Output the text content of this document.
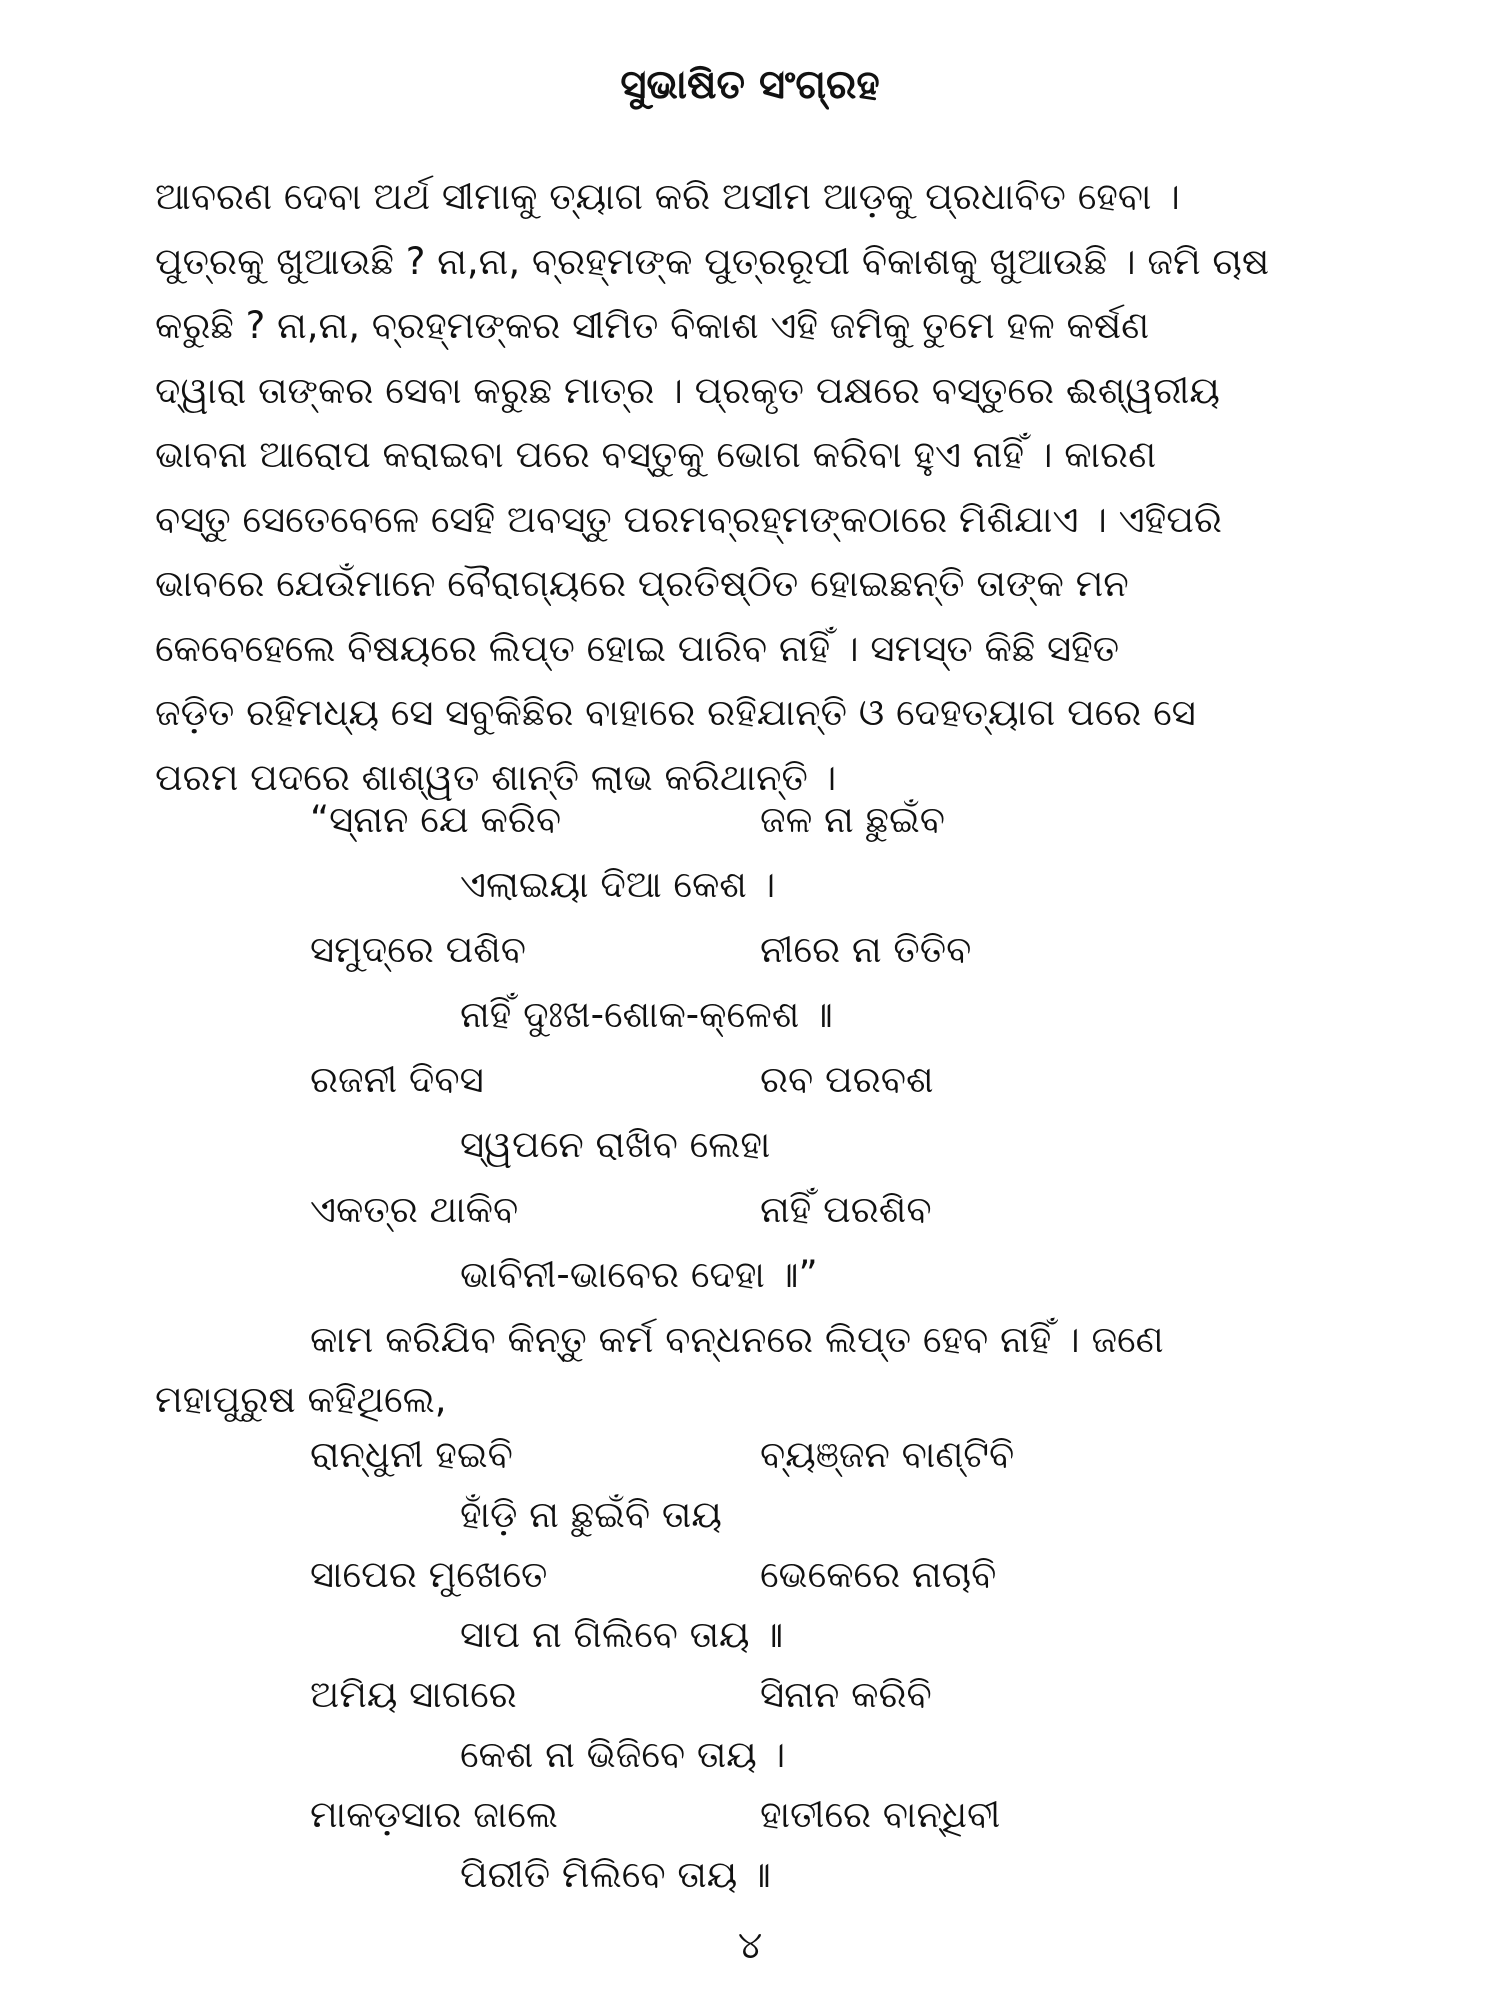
ସୁଭାଷିତ ସଂଗ୍ରହ
ଆବରଣ ଦେବା ଅର୍ଥ ସୀମାକୁ ତ୍ୟାଗ କରି ଅସୀମ ଆଡ଼କୁ ପ୍ରଧାବିତ ହେବା ।
ପୁତ୍ରକୁ ଖୁଆଉଛି ? ନା,ନା, ବ୍ରହ୍ମଙ୍କ ପୁତ୍ରରୂପୀ ବିକାଶକୁ ଖୁଆଉଛି । ଜମି ଚାଷ
କରୁଛି ? ନା,ନା, ବ୍ରହ୍ମଙ୍କର ସୀମିତ ବିକାଶ ଏହି ଜମିକୁ ତୁମେ ହଳ କର୍ଷଣ
ଦ୍ୱାରା ତାଙ୍କର ସେବା କରୁଛ ମାତ୍ର । ପ୍ରକୃତ ପକ୍ଷରେ ବସ୍ତୁରେ ଈଶ୍ୱରୀୟ
ଭାବନା ଆରୋପ କରାଇବା ପରେ ବସ୍ତୁକୁ ଭୋଗ କରିବା ହୁଏ ନାହିଁ । କାରଣ
ବସ୍ତୁ ସେତେବେଳେ ସେହି ଅବସ୍ତୁ ପରମବ୍ରହ୍ମଙ୍କଠାରେ ମିଶିଯାଏ । ଏହିପରି
ଭାବରେ ଯେଉଁମାନେ ବୈରାଗ୍ୟରେ ପ୍ରତିଷ୍ଠିତ ହୋଇଛନ୍ତି ତାଙ୍କ ମନ
କେବେହେଲେ ବିଷୟରେ ଲିପ୍ତ ହୋଇ ପାରିବ ନାହିଁ । ସମସ୍ତ କିଛି ସହିତ
ଜଡ଼ିତ ରହିମଧ୍ୟ ସେ ସବୁକିଛିର ବାହାରେ ରହିଯାନ୍ତି ଓ ଦେହତ୍ୟାଗ ପରେ ସେ
ପରମ ପଦରେ ଶାଶ୍ୱତ ଶାନ୍ତି ଲାଭ କରିଥାନ୍ତି ।
“ସ୍ନାନ ଯେ କରିବ	ଜଳ ନା ଛୁଇଁବ
ଏଲାଇୟା ଦିଆ କେଶ ।
ସମୁଦ୍ରେ ପଶିବ	ନୀରେ ନା ତିତିବ
ନାହିଁ ଦୁଃଖ-ଶୋକ-କ୍ଳେଶ ॥
ରଜନୀ ଦିବସ	ରବ ପରବଶ
ସ୍ୱପନେ ରାଖିବ ଲେହା
ଏକତ୍ର ଥାକିବ	ନାହିଁ ପରଶିବ
ଭାବିନୀ-ଭାବେର ଦେହା ॥”
କାମ କରିଯିବ କିନ୍ତୁ କର୍ମ ବନ୍ଧନରେ ଲିପ୍ତ ହେବ ନାହିଁ । ଜଣେ
ମହାପୁରୁଷ କହିଥିଲେ,
ରାନ୍ଧୁନୀ ହଇବି	ବ୍ୟଞ୍ଜନ ବାଣ୍ଟିବି
ହାଁଡ଼ି ନା ଛୁଇଁବି ତାୟ
ସାପେର ମୁଖେତେ	ଭେକେରେ ନାଚାବି
ସାପ ନା ଗିଲିବେ ତାୟ ॥
ଅମିୟ ସାଗରେ	ସିନାନ କରିବି
କେଶ ନା ଭିଜିବେ ତାୟ ।
ମାକଡ଼ସାର ଜାଲେ	ହାତୀରେ ବାନ୍ଧିବୀ
ପିରୀତି ମିଲିବେ ତାୟ ॥
୪
